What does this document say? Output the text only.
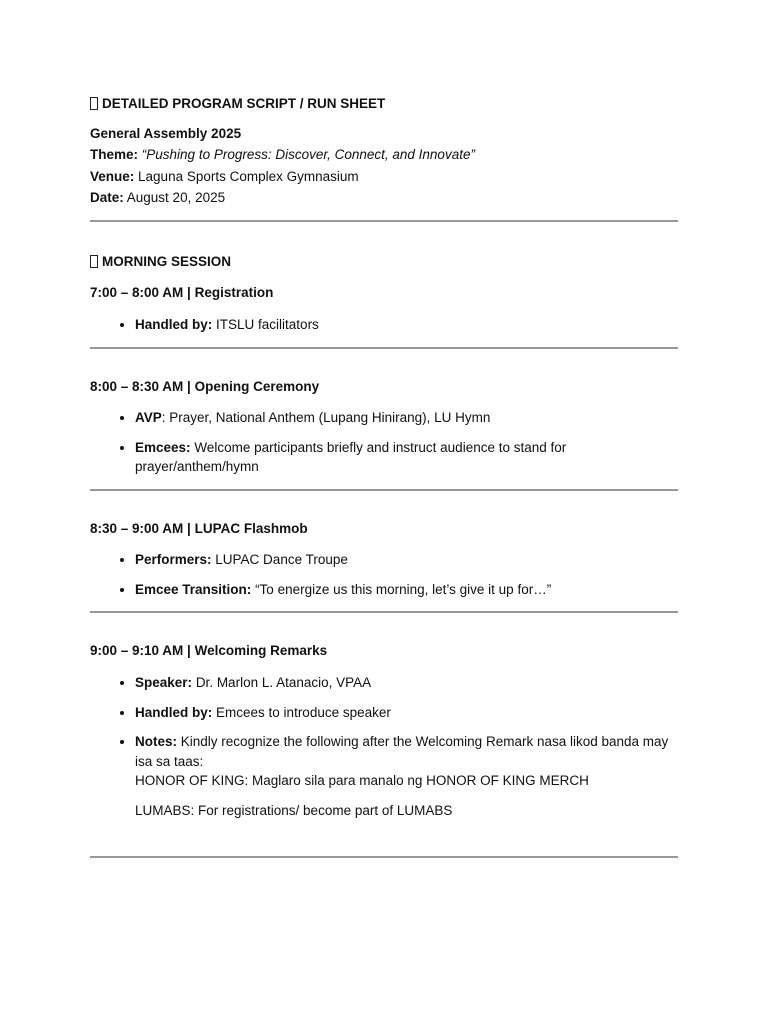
DETAILED PROGRAM SCRIPT / RUN SHEET

General Assembly 2025
Theme: “Pushing to Progress: Discover, Connect, and Innovate”
Venue: Laguna Sports Complex Gymnasium
Date: August 20, 2025

MORNING SESSION

7:00 – 8:00 AM | Registration
• Handled by: ITSLU facilitators
8:00 – 8:30 AM | Opening Ceremony
• AVP: Prayer, National Anthem (Lupang Hinirang), LU Hymn
• Emcees: Welcome participants briefly and instruct audience to stand for prayer/anthem/hymn
8:30 – 9:00 AM | LUPAC Flashmob
• Performers: LUPAC Dance Troupe
• Emcee Transition: “To energize us this morning, let’s give it up for…”
9:00 – 9:10 AM | Welcoming Remarks
• Speaker: Dr. Marlon L. Atanacio, VPAA
• Handled by: Emcees to introduce speaker
• Notes: Kindly recognize the following after the Welcoming Remark nasa likod banda may isa sa taas:
HONOR OF KING: Maglaro sila para manalo ng HONOR OF KING MERCH
LUMABS: For registrations/ become part of LUMABS
